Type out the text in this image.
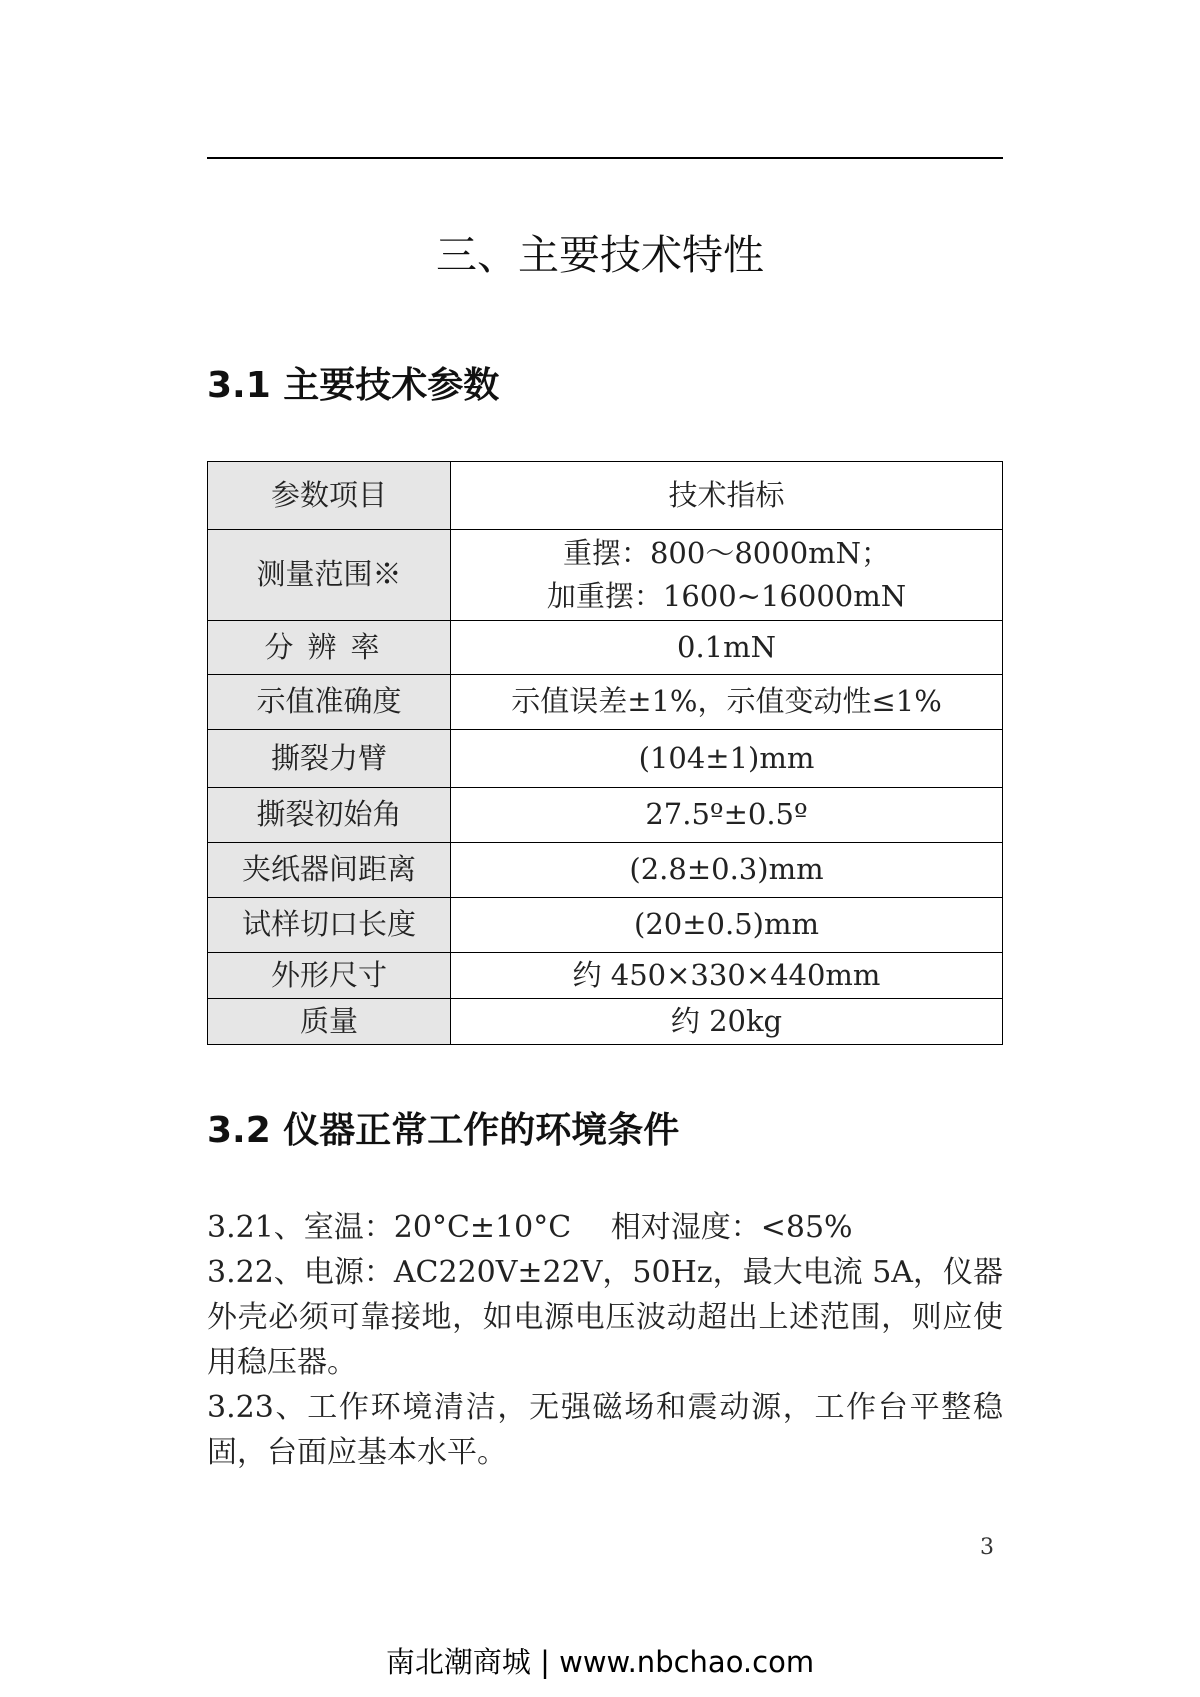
三、主要技术特性
3.1 主要技术参数
参数项目	技术指标
测量范围※	重摆：800～8000mN；
加重摆：1600~16000mN

分辨率	0.1mN
示值准确度	示值误差±1%，示值变动性≤1%
撕裂力臂	(104±1)mm
撕裂初始角	27.5º±0.5º
夹纸器间距离	(2.8±0.3)mm
试样切口长度	(20±0.5)mm
外形尺寸	约 450×330×440mm
质量	约 20kg
3.2 仪器正常工作的环境条件

3.21、室温：20°C±10°C　 相对湿度：<85%

3.22、电源：AC220V±22V，50Hz，最大电流 5A，仪器外壳必须可靠接地，如电源电压波动超出上述范围，则应使用稳压器。

3.23、工作环境清洁，无强磁场和震动源，工作台平整稳固，台面应基本水平。

3
南北潮商城 | www.nbchao.com
